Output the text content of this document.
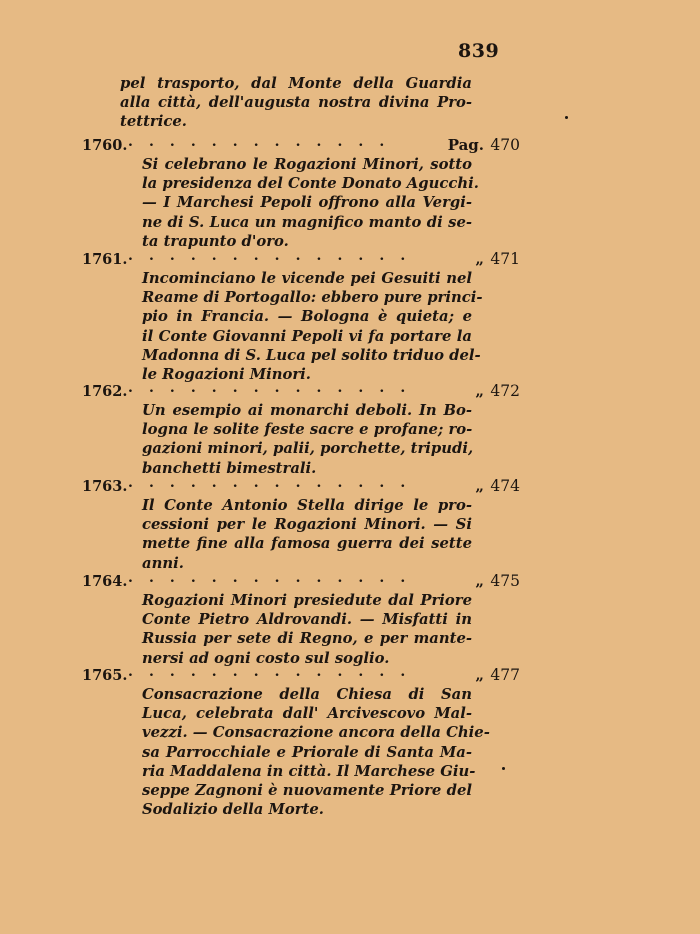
839
pel trasporto, dal Monte della Guardia
alla città, dell'augusta nostra divina Pro-
tettrice.
1760. . . . . . . . . . . . . .	Pag. 470
Si celebrano le Rogazioni Minori, sotto
la presidenza del Conte Donato Agucchi.
— I Marchesi Pepoli offrono alla Vergi-
ne di S. Luca un magnifico manto di se-
ta trapunto d'oro.
1761. . . . . . . . . . . . . . .	„ 471
Incominciano le vicende pei Gesuiti nel
Reame di Portogallo: ebbero pure princi-
pio in Francia. — Bologna è quieta; e
il Conte Giovanni Pepoli vi fa portare la
Madonna di S. Luca pel solito triduo del-
le Rogazioni Minori.
1762. . . . . . . . . . . . . . .	„ 472
Un esempio ai monarchi deboli. In Bo-
logna le solite feste sacre e profane; ro-
gazioni minori, palii, porchette, tripudi,
banchetti bimestrali.
1763. . . . . . . . . . . . . . .	„ 474
Il Conte Antonio Stella dirige le pro-
cessioni per le Rogazioni Minori. — Si
mette fine alla famosa guerra dei sette
anni.
1764. . . . . . . . . . . . . . .	„ 475
Rogazioni Minori presiedute dal Priore
Conte Pietro Aldrovandi. — Misfatti in
Russia per sete di Regno, e per mante-
nersi ad ogni costo sul soglio.
1765. . . . . . . . . . . . . . .	„ 477
Consacrazione della Chiesa di San
Luca, celebrata dall' Arcivescovo Mal-
vezzi. — Consacrazione ancora della Chie-
sa Parrocchiale e Priorale di Santa Ma-
ria Maddalena in città. Il Marchese Giu-
seppe Zagnoni è nuovamente Priore del
Sodalizio della Morte.
